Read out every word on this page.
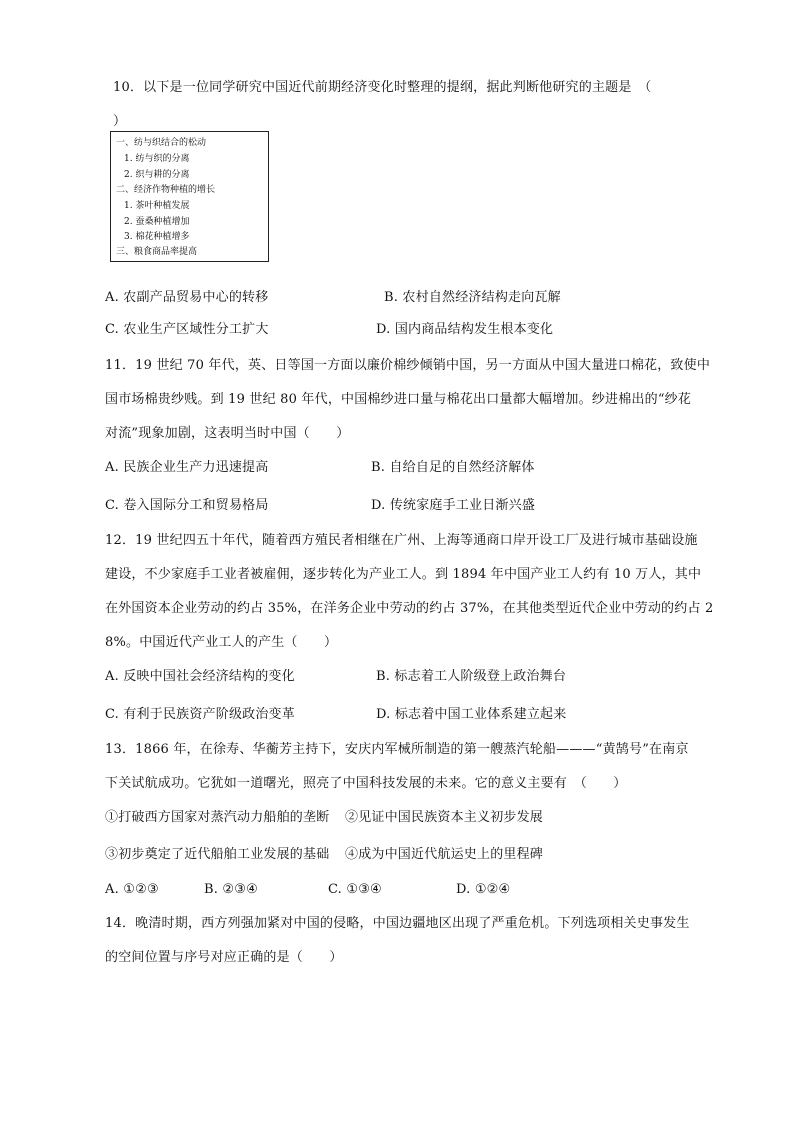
10．以下是一位同学研究中国近代前期经济变化时整理的提纲，据此判断他研究的主题是　（
）
一、纺与织结合的松动
1. 纺与织的分离
2. 织与耕的分离
二、经济作物种植的增长
1. 茶叶种植发展
2. 蚕桑种植增加
3. 棉花种植增多
三、粮食商品率提高
A. 农副产品贸易中心的转移	B. 农村自然经济结构走向瓦解
C. 农业生产区域性分工扩大	D. 国内商品结构发生根本变化
11．19 世纪 70 年代，英、日等国一方面以廉价棉纱倾销中国，另一方面从中国大量进口棉花，致使中
国市场棉贵纱贱。到 19 世纪 80 年代，中国棉纱进口量与棉花出口量都大幅增加。纱进棉出的“纱花
对流”现象加剧，这表明当时中国（　　）
A. 民族企业生产力迅速提高	B. 自给自足的自然经济解体
C. 卷入国际分工和贸易格局	D. 传统家庭手工业日渐兴盛
12．19 世纪四五十年代，随着西方殖民者相继在广州、上海等通商口岸开设工厂及进行城市基础设施
建设，不少家庭手工业者被雇佣，逐步转化为产业工人。到 1894 年中国产业工人约有 10 万人，其中
在外国资本企业劳动的约占 35%，在洋务企业中劳动的约占 37%，在其他类型近代企业中劳动的约占 2
8%。中国近代产业工人的产生（　　）
A. 反映中国社会经济结构的变化	B. 标志着工人阶级登上政治舞台
C. 有利于民族资产阶级政治变革	D. 标志着中国工业体系建立起来
13．1866 年，在徐寿、华蘅芳主持下，安庆内军械所制造的第一艘蒸汽轮船———“黄鹄号”在南京
下关试航成功。它犹如一道曙光，照亮了中国科技发展的未来。它的意义主要有　（　　）
①打破西方国家对蒸汽动力船舶的垄断 ②见证中国民族资本主义初步发展
③初步奠定了近代船舶工业发展的基础 ④成为中国近代航运史上的里程碑
A. ①②③	B. ②③④	C. ①③④	D. ①②④
14．晚清时期，西方列强加紧对中国的侵略，中国边疆地区出现了严重危机。下列选项相关史事发生
的空间位置与序号对应正确的是（　　）
